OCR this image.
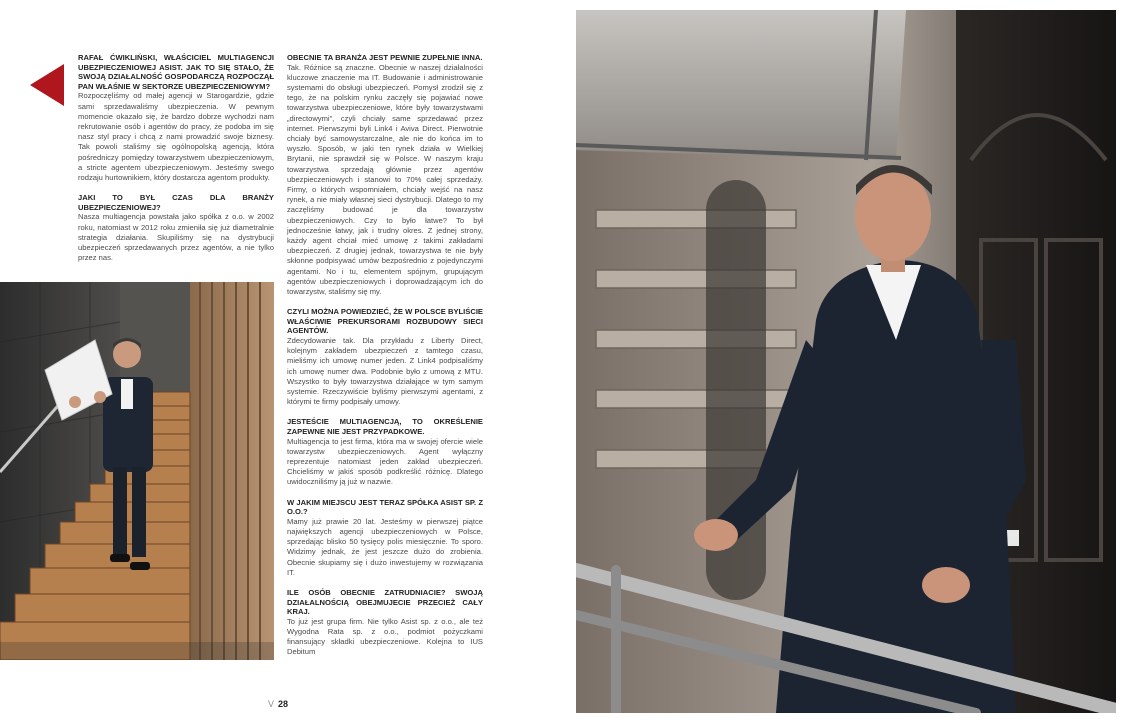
RAFAŁ ĆWIKLIŃSKI, WŁAŚCICIEL MULTIAGENCJI UBEZPIECZENIOWEJ ASIST. JAK TO SIĘ STAŁO, ŻE SWOJĄ DZIAŁALNOŚĆ GOSPODARCZĄ ROZPOCZĄŁ PAN WŁAŚNIE W SEKTORZE UBEZPIECZENIOWYM?

Rozpoczęliśmy od małej agencji w Starogardzie, gdzie sami sprzedawaliśmy ubezpieczenia. W pewnym momencie okazało się, że bardzo dobrze wychodzi nam rekrutowanie osób i agentów do pracy, że podoba im się nasz styl pracy i chcą z nami prowadzić swoje biznesy. Tak powoli staliśmy się ogólnopolską agencją, która pośredniczy pomiędzy towarzystwem ubezpieczeniowym, a stricte agentem ubezpieczeniowym. Jesteśmy swego rodzaju hurtownikiem, który dostarcza agentom produkty.

JAKI TO BYŁ CZAS DLA BRANŻY UBEZPIECZENIOWEJ?

Nasza multiagencja powstała jako spółka z o.o. w 2002 roku, natomiast w 2012 roku zmieniła się już diametralnie strategia działania. Skupiliśmy się na dystrybucji ubezpieczeń sprzedawanych przez agentów, a nie tylko przez nas.

OBECNIE TA BRANŻA JEST PEWNIE ZUPEŁNIE INNA.

Tak. Różnice są znaczne. Obecnie w naszej działalności kluczowe znaczenie ma IT. Budowanie i administrowanie systemami do obsługi ubezpieczeń. Pomysł zrodził się z tego, że na polskim rynku zaczęły się pojawiać nowe towarzystwa ubezpieczeniowe, które były towarzystwami „directowymi”, czyli chciały same sprzedawać przez internet. Pierwszymi byli Link4 i Aviva Direct. Pierwotnie chciały być samowystarczalne, ale nie do końca im to wyszło. Sposób, w jaki ten rynek działa w Wielkiej Brytanii, nie sprawdził się w Polsce. W naszym kraju towarzystwa sprzedają głównie przez agentów ubezpieczeniowych i stanowi to 70% całej sprzedaży. Firmy, o których wspomniałem, chciały wejść na nasz rynek, a nie miały własnej sieci dystrybucji. Dlatego to my zaczęliśmy budować je dla towarzystw ubezpieczeniowych. Czy to było łatwe? To był jednocześnie łatwy, jak i trudny okres. Z jednej strony, każdy agent chciał mieć umowę z takimi zakładami ubezpieczeń. Z drugiej jednak, towarzystwa te nie były skłonne podpisywać umów bezpośrednio z pojedynczymi agentami. No i tu, elementem spójnym, grupującym agentów ubezpieczeniowych i doprowadzającym ich do towarzystw, staliśmy się my.

CZYLI MOŻNA POWIEDZIEĆ, ŻE W POLSCE BYLIŚCIE WŁAŚCIWIE PREKURSORAMI ROZBUDOWY SIECI AGENTÓW.

Zdecydowanie tak. Dla przykładu z Liberty Direct, kolejnym zakładem ubezpieczeń z tamtego czasu, mieliśmy ich umowę numer jeden. Z Link4 podpisaliśmy ich umowę numer dwa. Podobnie było z umową z MTU. Wszystko to były towarzystwa działające w tym samym systemie. Rzeczywiście byliśmy pierwszymi agentami, z którymi te firmy podpisały umowy.

JESTEŚCIE MULTIAGENCJĄ, TO OKREŚLENIE ZAPEWNE NIE JEST PRZYPADKOWE.

Multiagencja to jest firma, która ma w swojej ofercie wiele towarzystw ubezpieczeniowych. Agent wyłączny reprezentuje natomiast jeden zakład ubezpieczeń. Chcieliśmy w jakiś sposób podkreślić różnicę. Dlatego uwidoczniliśmy ją już w nazwie.

W JAKIM MIEJSCU JEST TERAZ SPÓŁKA ASIST SP. Z O.O.?

Mamy już prawie 20 lat. Jesteśmy w pierwszej piątce największych agencji ubezpieczeniowych w Polsce, sprzedając blisko 50 tysięcy polis miesięcznie. To sporo. Widzimy jednak, że jest jeszcze dużo do zrobienia. Obecnie skupiamy się i dużo inwestujemy w rozwiązania IT.

ILE OSÓB OBECNIE ZATRUDNIACIE? SWOJĄ DZIAŁALNOŚCIĄ OBEJMUJECIE PRZECIEŻ CAŁY KRAJ.

To już jest grupa firm. Nie tylko Asist sp. z o.o., ale też Wygodna Rata sp. z o.o., podmiot pożyczkami finansujący składki ubezpieczeniowe. Kolejna to IUS Debitum

V 28
